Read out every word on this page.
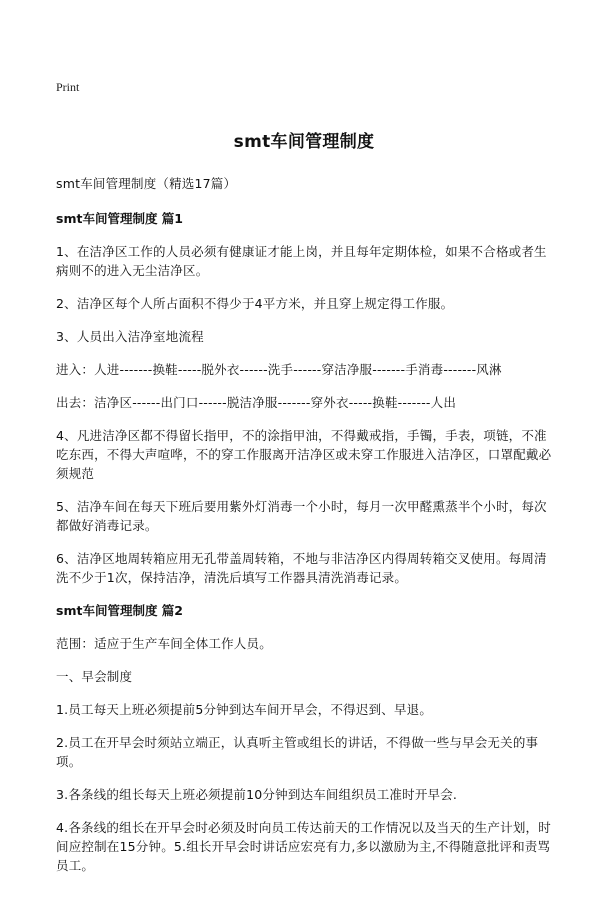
Print
smt车间管理制度
smt车间管理制度（精选17篇）
smt车间管理制度 篇1
1、在洁净区工作的人员必须有健康证才能上岗，并且每年定期体检，如果不合格或者生病则不的进入无尘洁净区。
2、洁净区每个人所占面积不得少于4平方米，并且穿上规定得工作服。
3、人员出入洁净室地流程
进入：人进-------换鞋-----脱外衣------洗手------穿洁净服-------手消毒-------风淋
出去：洁净区------出门口------脱洁净服-------穿外衣-----换鞋-------人出
4、凡进洁净区都不得留长指甲，不的涂指甲油，不得戴戒指，手镯，手表，项链，不准吃东西，不得大声喧哗，不的穿工作服离开洁净区或未穿工作服进入洁净区，口罩配戴必须规范
5、洁净车间在每天下班后要用紫外灯消毒一个小时，每月一次甲醛熏蒸半个小时，每次都做好消毒记录。
6、洁净区地周转箱应用无孔带盖周转箱，不地与非洁净区内得周转箱交叉使用。每周清洗不少于1次，保持洁净，清洗后填写工作器具清洗消毒记录。
smt车间管理制度 篇2
范围：适应于生产车间全体工作人员。
一、早会制度
1.员工每天上班必须提前5分钟到达车间开早会，不得迟到、早退。
2.员工在开早会时须站立端正，认真听主管或组长的讲话，不得做一些与早会无关的事项。
3.各条线的组长每天上班必须提前10分钟到达车间组织员工准时开早会.
4.各条线的组长在开早会时必须及时向员工传达前天的工作情况以及当天的生产计划，时间应控制在15分钟。5.组长开早会时讲话应宏亮有力,多以激励为主,不得随意批评和责骂员工。
